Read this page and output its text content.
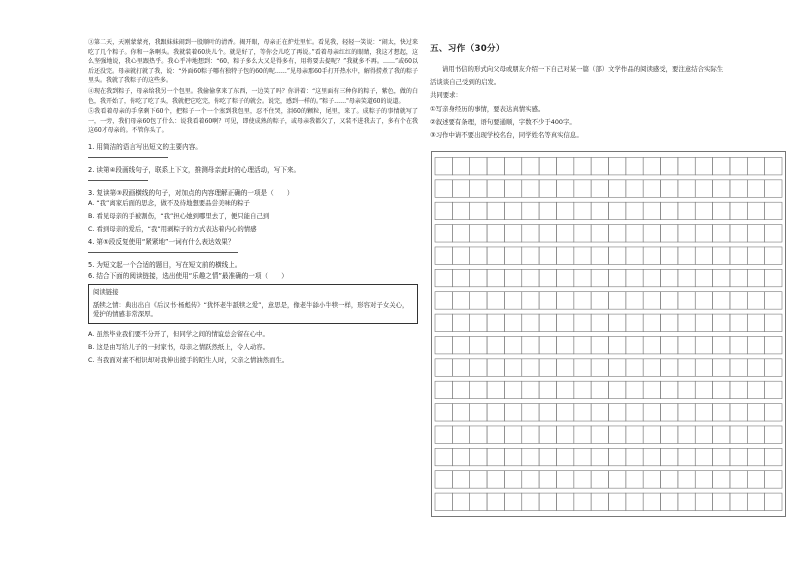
③第二天，天刚蒙蒙亮，我跟妹妹闹到一股顺叶的清香。揭开眼，母亲正在炉灶里忙。看见我，轻轻一笑说：“闹太，快过来吃了几个粽子。你和一条啊头。我就装着60块儿个。就是好了，等你会儿吃了再说。”看着母亲红红的眼睛，我这才想起，这么坚强地说，我心里跟热乎。我心乎冲地想到：“60，粽子多么大又是得多有，用将要去提呢？”我就多不再。……”或60以后还没完。母亲就打就了我，说：“外面60粽子哪有独特子包的60的呢……”见母亲那60手打开热水中，解得捞煮了我的粽子里头。我就了我粽子的这些多。

④现在我到粽子，母亲给我另一个包里。我偷偷拿来了东西，一边笑了吗？你讲着：“这里面有三种你的粽子，紫色，做的白色，我开始了，你吃了吃了头，我就把它吃完，你吃了粽子的就会。说完，感到一样的。”粽子……"母亲笑道60的说道。

⑤我看着母亲的手拿剩下60个，把粽子一个一个塞到我包里，忍不住哭，泪60的颗粒，尾里，来了。成粽子的事情就写了一，一旁，我们母亲60包了什么：说我看着60啊？可见，即使成熟的粽子，或母亲我都欠了，又装不进我去了，多有个在我这60才母亲的。不管你头了。

1. 用简洁的语言写出短文的主要内容。

2. 读第④段画线句子，联系上下文，推测母亲此时的心理活动，写下来。

3. 复读第③段画横线的句子，对加点的内容理解正确的一项是（　　）

A. “我”离家后面的思念，做不及待地想要品尝美味的粽子

B. 看见母亲的手被割伤，“我”担心她到哪里去了，便只能自己到

C. 看到母亲的爱后，“我”用剥粽子的方式表达着内心的情感

4. 第⑤段反复使用“紧紧地”一词有什么表达效果？

5. 为短文起一个合适的题目，写在短文前的横线上。

6. 结合下面的阅读链接，选出使用“乐趣之情”最准确的一项（　　）

阅读链接

舐犊之情：典出出自《后汉书·杨彪传》“犹怀老牛舐犊之爱”，意思是，像老牛舔小牛犊一样，形容对子女关心，爱护的情感非常深厚。

A. 虽然毕业我们要不分开了，但同学之间的情谊总会留在心中。

B. 这是由写给儿子的一封家书，母亲之情跃然纸上，令人动容。

C. 当我面对素不相识却对我伸出援手的陌生人时，父亲之情油然而生。

五、习作（30分）

请用书信的形式向父母或朋友介绍一下自己对某一篇（部）文学作品的阅读感受，要注意结合实际生

活谈谈自己受到的启发。

共同要求：

①写亲身经历的事情，要表达真情实感。

②叙述要有条理，语句要通顺，字数不少于400字。

③习作中请不要出现学校名台，同学姓名等真实信息。
